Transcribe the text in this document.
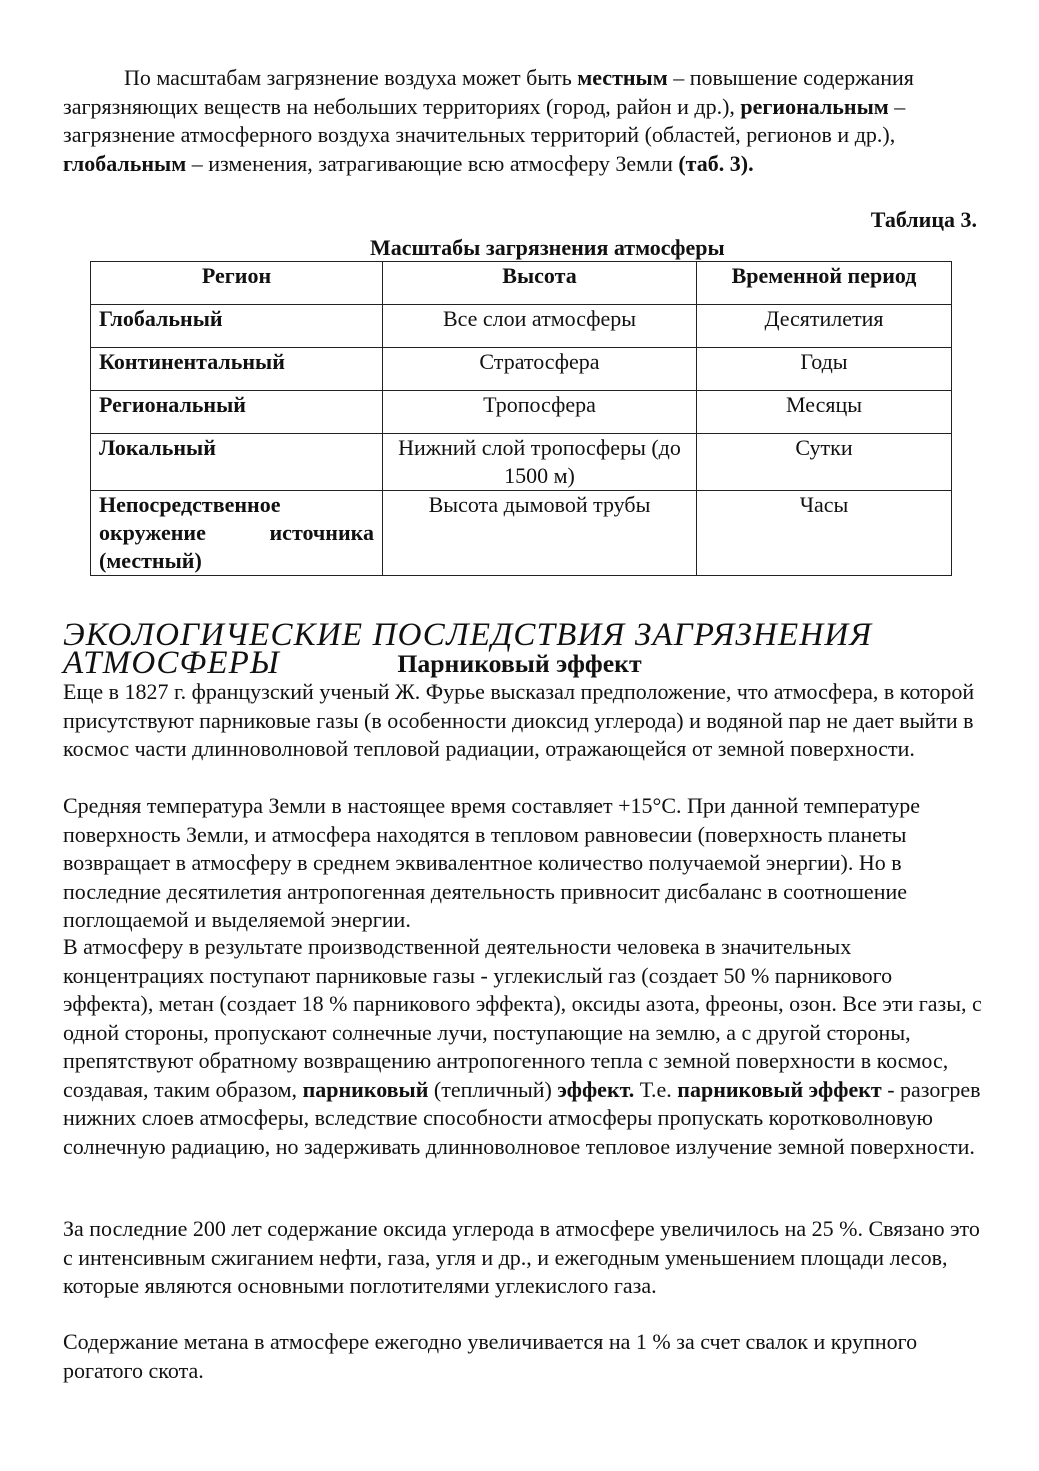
По масштабам загрязнение воздуха может быть местным – повышение содержания загрязняющих веществ на небольших территориях (город, район и др.), региональным – загрязнение атмосферного воздуха значительных территорий (областей, регионов и др.), глобальным – изменения, затрагивающие всю атмосферу Земли (таб. 3).

Таблица 3.

Масштабы загрязнения атмосферы

Регион	Высота	Временной период
Глобальный	Все слои атмосферы	Десятилетия
Континентальный	Стратосфера	Годы
Региональный	Тропосфера	Месяцы
Локальный	Нижний слой тропосферы (до 1500 м)	Сутки
Непосредственное окружение источника (местный)	Высота дымовой трубы	Часы
ЭКОЛОГИЧЕСКИЕ ПОСЛЕДСТВИЯ ЗАГРЯЗНЕНИЯ АТМОСФЕРЫ	Парниковый эффект

Еще в 1827 г. французский ученый Ж. Фурье высказал предположение, что атмосфера, в которой присутствуют парниковые газы (в особенности диоксид углерода) и водяной пар не дает выйти в космос части длинноволновой тепловой радиации, отражающейся от земной поверхности.

Средняя температура Земли в настоящее время составляет +15°С. При данной температуре поверхность Земли, и атмосфера находятся в тепловом равновесии (поверхность планеты возвращает в атмосферу в среднем эквивалентное количество получаемой энергии). Но в последние десятилетия антропогенная деятельность привносит дисбаланс в соотношение поглощаемой и выделяемой энергии.

В атмосферу в результате производственной деятельности человека в значительных концентрациях поступают парниковые газы - углекислый газ (создает 50 % парникового эффекта), метан (создает 18 % парникового эффекта), оксиды азота, фреоны, озон. Все эти газы, с одной стороны, пропускают солнечные лучи, поступающие на землю, а с другой стороны, препятствуют обратному возвращению антропогенного тепла с земной поверхности в космос, создавая, таким образом, парниковый (тепличный) эффект. Т.е. парниковый эффект - разогрев нижних слоев атмосферы, вследствие способности атмосферы пропускать коротковолновую солнечную радиацию, но задерживать длинноволновое тепловое излучение земной поверхности.

За последние 200 лет содержание оксида углерода в атмосфере увеличилось на 25 %. Связано это с интенсивным сжиганием нефти, газа, угля и др., и ежегодным уменьшением площади лесов, которые являются основными поглотителями углекислого газа.

Содержание метана в атмосфере ежегодно увеличивается на 1 % за счет свалок и крупного рогатого скота.
